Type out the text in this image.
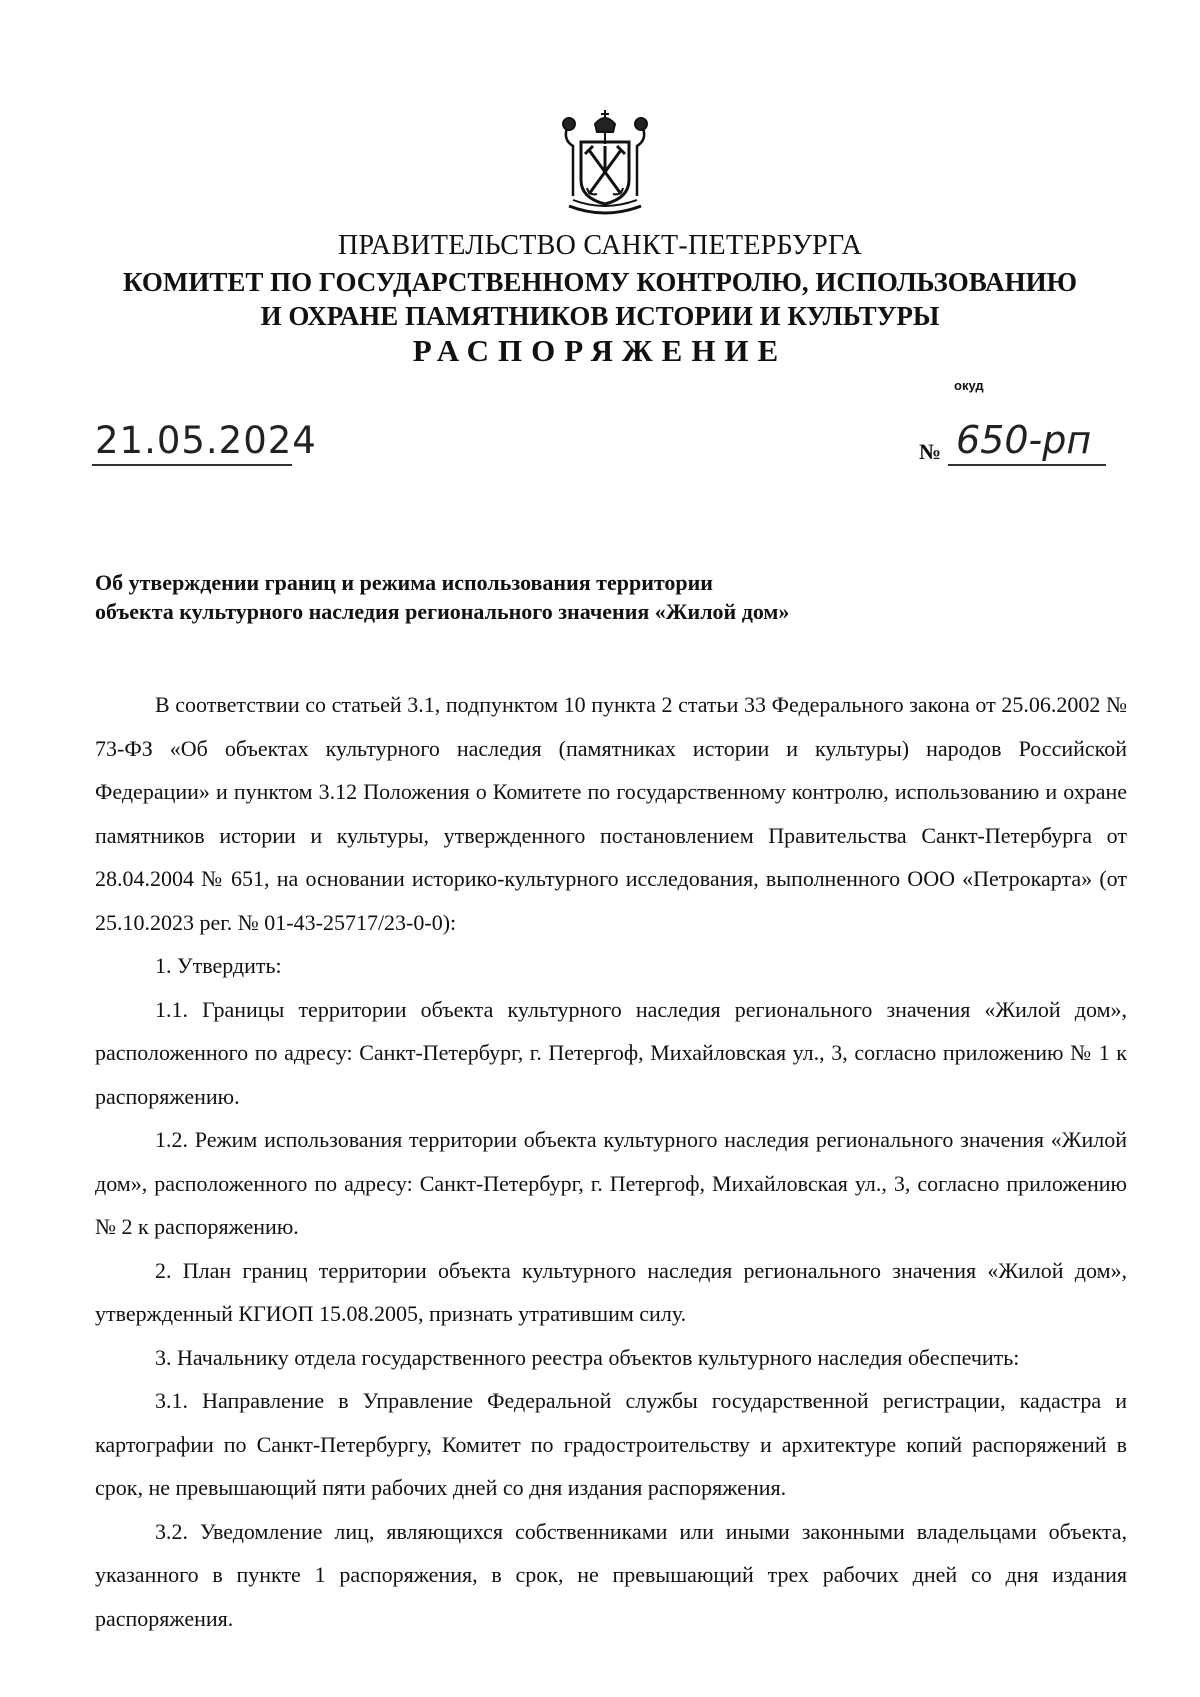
ПРАВИТЕЛЬСТВО САНКТ-ПЕТЕРБУРГА
КОМИТЕТ ПО ГОСУДАРСТВЕННОМУ КОНТРОЛЮ, ИСПОЛЬЗОВАНИЮ
И ОХРАНЕ ПАМЯТНИКОВ ИСТОРИИ И КУЛЬТУРЫ
РАСПОРЯЖЕНИЕ
окуд
21.05.2024	№ 650-рп
Об утверждении границ и режима использования территории
объекта культурного наследия регионального значения «Жилой дом»

В соответствии со статьей 3.1, подпунктом 10 пункта 2 статьи 33 Федерального закона от 25.06.2002 № 73-ФЗ «Об объектах культурного наследия (памятниках истории и культуры) народов Российской Федерации» и пунктом 3.12 Положения о Комитете по государственному контролю, использованию и охране памятников истории и культуры, утвержденного постановлением Правительства Санкт-Петербурга от 28.04.2004 № 651, на основании историко-культурного исследования, выполненного ООО «Петрокарта» (от 25.10.2023 рег. № 01-43-25717/23-0-0):

1. Утвердить:

1.1. Границы территории объекта культурного наследия регионального значения «Жилой дом», расположенного по адресу: Санкт-Петербург, г. Петергоф, Михайловская ул., 3, согласно приложению № 1 к распоряжению.

1.2. Режим использования территории объекта культурного наследия регионального значения «Жилой дом», расположенного по адресу: Санкт-Петербург, г. Петергоф, Михайловская ул., 3, согласно приложению № 2 к распоряжению.

2. План границ территории объекта культурного наследия регионального значения «Жилой дом», утвержденный КГИОП 15.08.2005, признать утратившим силу.

3. Начальнику отдела государственного реестра объектов культурного наследия обеспечить:

3.1. Направление в Управление Федеральной службы государственной регистрации, кадастра и картографии по Санкт-Петербургу, Комитет по градостроительству и архитектуре копий распоряжений в срок, не превышающий пяти рабочих дней со дня издания распоряжения.

3.2. Уведомление лиц, являющихся собственниками или иными законными владельцами объекта, указанного в пункте 1 распоряжения, в срок, не превышающий трех рабочих дней со дня издания распоряжения.
